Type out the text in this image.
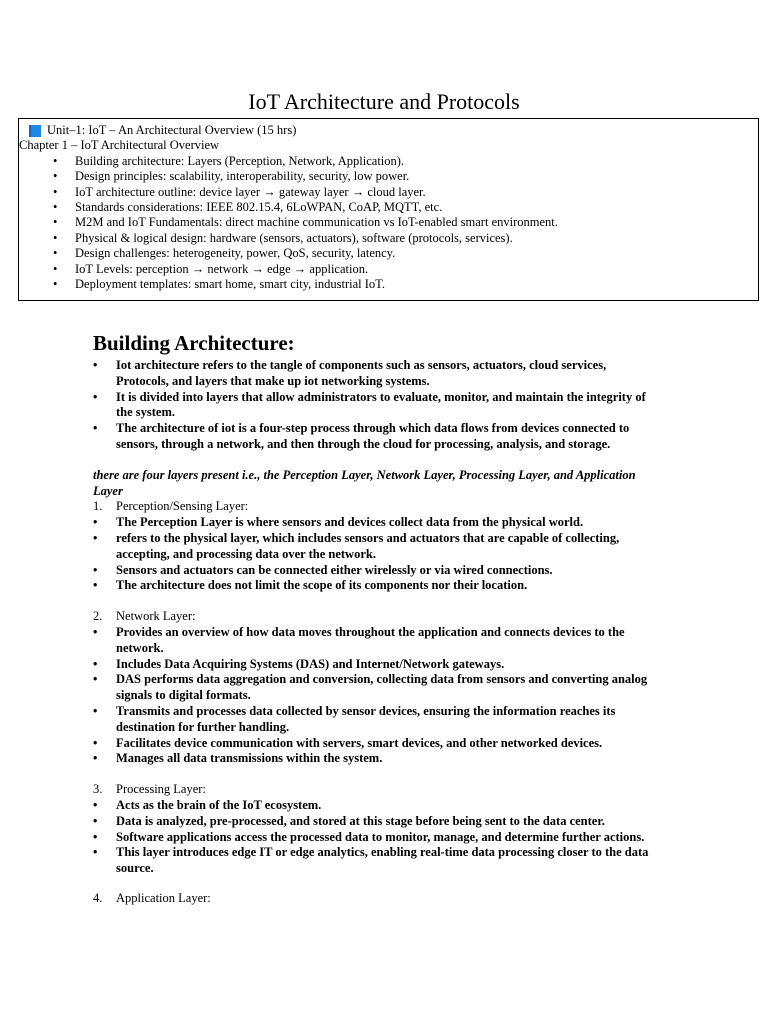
IoT Architecture and Protocols
Unit–1: IoT – An Architectural Overview (15 hrs)
Chapter 1 – IoT Architectural Overview
• Building architecture: Layers (Perception, Network, Application).
• Design principles: scalability, interoperability, security, low power.
• IoT architecture outline: device layer → gateway layer → cloud layer.
• Standards considerations: IEEE 802.15.4, 6LoWPAN, CoAP, MQTT, etc.
• M2M and IoT Fundamentals: direct machine communication vs IoT-enabled smart environment.
• Physical & logical design: hardware (sensors, actuators), software (protocols, services).
• Design challenges: heterogeneity, power, QoS, security, latency.
• IoT Levels: perception → network → edge → application.
• Deployment templates: smart home, smart city, industrial IoT.
Building Architecture:
• Iot architecture refers to the tangle of components such as sensors, actuators, cloud services, Protocols, and layers that make up iot networking systems.
• It is divided into layers that allow administrators to evaluate, monitor, and maintain the integrity of the system.
• The architecture of iot is a four-step process through which data flows from devices connected to sensors, through a network, and then through the cloud for processing, analysis, and storage.

there are four layers present i.e., the Perception Layer, Network Layer, Processing Layer, and Application Layer

1.	Perception/Sensing Layer:
• The Perception Layer is where sensors and devices collect data from the physical world.
• refers to the physical layer, which includes sensors and actuators that are capable of collecting, accepting, and processing data over the network.
• Sensors and actuators can be connected either wirelessly or via wired connections.
• The architecture does not limit the scope of its components nor their location.
2.	Network Layer:
• Provides an overview of how data moves throughout the application and connects devices to the network.
• Includes Data Acquiring Systems (DAS) and Internet/Network gateways.
• DAS performs data aggregation and conversion, collecting data from sensors and converting analog signals to digital formats.
• Transmits and processes data collected by sensor devices, ensuring the information reaches its destination for further handling.
• Facilitates device communication with servers, smart devices, and other networked devices.
• Manages all data transmissions within the system.
3.	Processing Layer:
• Acts as the brain of the IoT ecosystem.
• Data is analyzed, pre-processed, and stored at this stage before being sent to the data center.
• Software applications access the processed data to monitor, manage, and determine further actions.
• This layer introduces edge IT or edge analytics, enabling real-time data processing closer to the data source.
4.	Application Layer:
